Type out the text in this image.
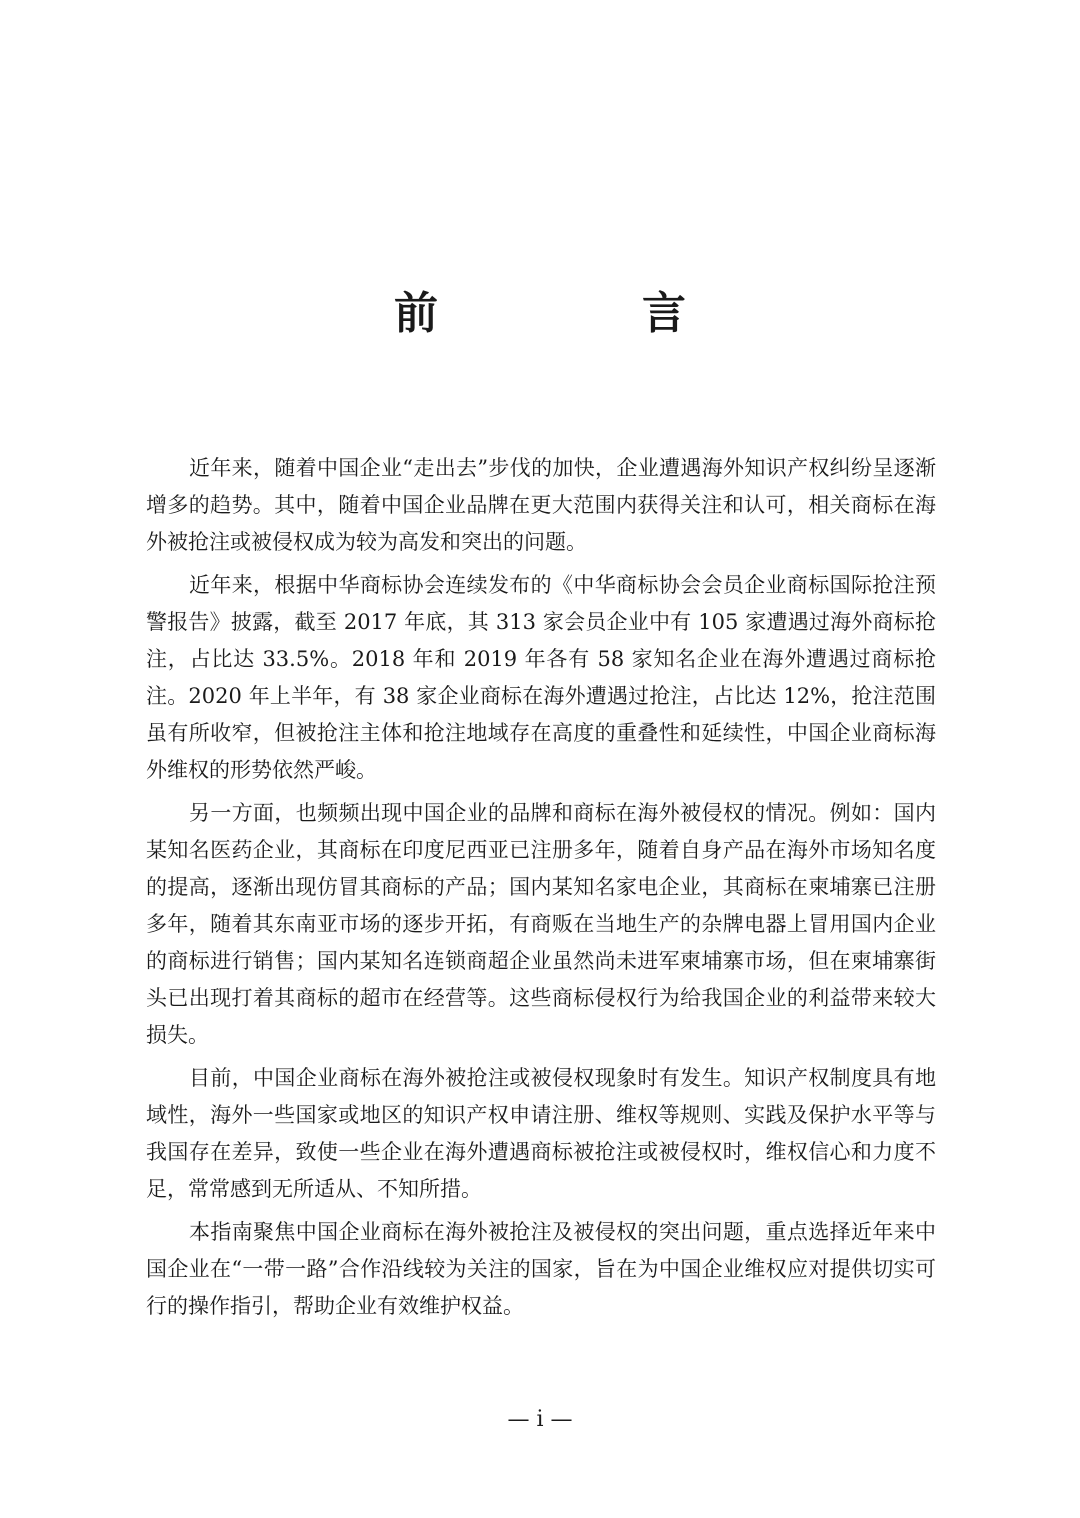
前　言

近年来，随着中国企业“走出去”步伐的加快，企业遭遇海外知识产权纠纷呈逐渐增多的趋势。其中，随着中国企业品牌在更大范围内获得关注和认可，相关商标在海外被抢注或被侵权成为较为高发和突出的问题。

近年来，根据中华商标协会连续发布的《中华商标协会会员企业商标国际抢注预警报告》披露，截至 2017 年底，其 313 家会员企业中有 105 家遭遇过海外商标抢注，占比达 33.5%。2018 年和 2019 年各有 58 家知名企业在海外遭遇过商标抢注。2020 年上半年，有 38 家企业商标在海外遭遇过抢注，占比达 12%，抢注范围虽有所收窄，但被抢注主体和抢注地域存在高度的重叠性和延续性，中国企业商标海外维权的形势依然严峻。

另一方面，也频频出现中国企业的品牌和商标在海外被侵权的情况。例如：国内某知名医药企业，其商标在印度尼西亚已注册多年，随着自身产品在海外市场知名度的提高，逐渐出现仿冒其商标的产品；国内某知名家电企业，其商标在柬埔寨已注册多年，随着其东南亚市场的逐步开拓，有商贩在当地生产的杂牌电器上冒用国内企业的商标进行销售；国内某知名连锁商超企业虽然尚未进军柬埔寨市场，但在柬埔寨街头已出现打着其商标的超市在经营等。这些商标侵权行为给我国企业的利益带来较大损失。

目前，中国企业商标在海外被抢注或被侵权现象时有发生。知识产权制度具有地域性，海外一些国家或地区的知识产权申请注册、维权等规则、实践及保护水平等与我国存在差异，致使一些企业在海外遭遇商标被抢注或被侵权时，维权信心和力度不足，常常感到无所适从、不知所措。

本指南聚焦中国企业商标在海外被抢注及被侵权的突出问题，重点选择近年来中国企业在“一带一路”合作沿线较为关注的国家，旨在为中国企业维权应对提供切实可行的操作指引，帮助企业有效维护权益。

— i —
